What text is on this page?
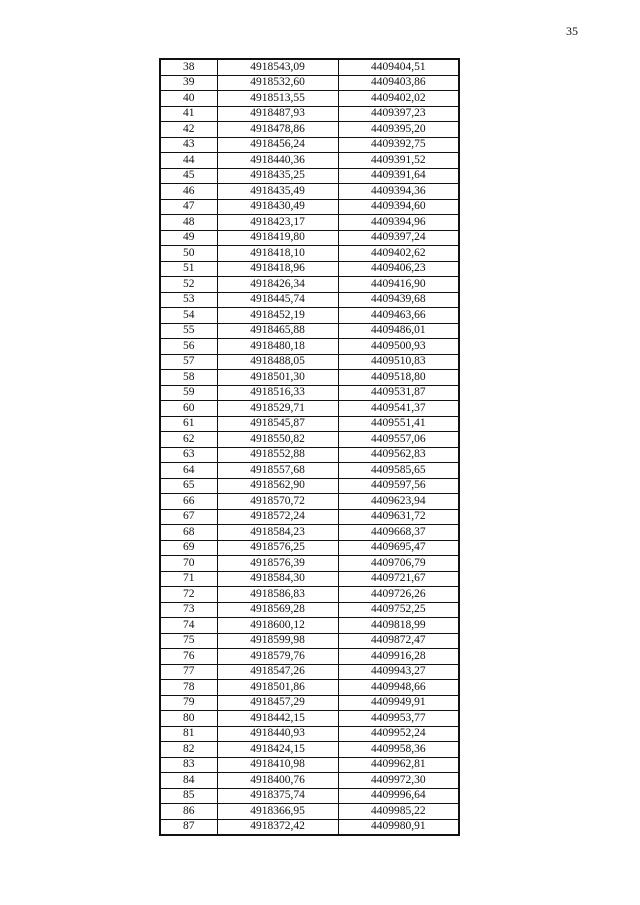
35
38	4918543,09	4409404,51
39	4918532,60	4409403,86
40	4918513,55	4409402,02
41	4918487,93	4409397,23
42	4918478,86	4409395,20
43	4918456,24	4409392,75
44	4918440,36	4409391,52
45	4918435,25	4409391,64
46	4918435,49	4409394,36
47	4918430,49	4409394,60
48	4918423,17	4409394,96
49	4918419,80	4409397,24
50	4918418,10	4409402,62
51	4918418,96	4409406,23
52	4918426,34	4409416,90
53	4918445,74	4409439,68
54	4918452,19	4409463,66
55	4918465,88	4409486,01
56	4918480,18	4409500,93
57	4918488,05	4409510,83
58	4918501,30	4409518,80
59	4918516,33	4409531,87
60	4918529,71	4409541,37
61	4918545,87	4409551,41
62	4918550,82	4409557,06
63	4918552,88	4409562,83
64	4918557,68	4409585,65
65	4918562,90	4409597,56
66	4918570,72	4409623,94
67	4918572,24	4409631,72
68	4918584,23	4409668,37
69	4918576,25	4409695,47
70	4918576,39	4409706,79
71	4918584,30	4409721,67
72	4918586,83	4409726,26
73	4918569,28	4409752,25
74	4918600,12	4409818,99
75	4918599,98	4409872,47
76	4918579,76	4409916,28
77	4918547,26	4409943,27
78	4918501,86	4409948,66
79	4918457,29	4409949,91
80	4918442,15	4409953,77
81	4918440,93	4409952,24
82	4918424,15	4409958,36
83	4918410,98	4409962,81
84	4918400,76	4409972,30
85	4918375,74	4409996,64
86	4918366,95	4409985,22
87	4918372,42	4409980,91
